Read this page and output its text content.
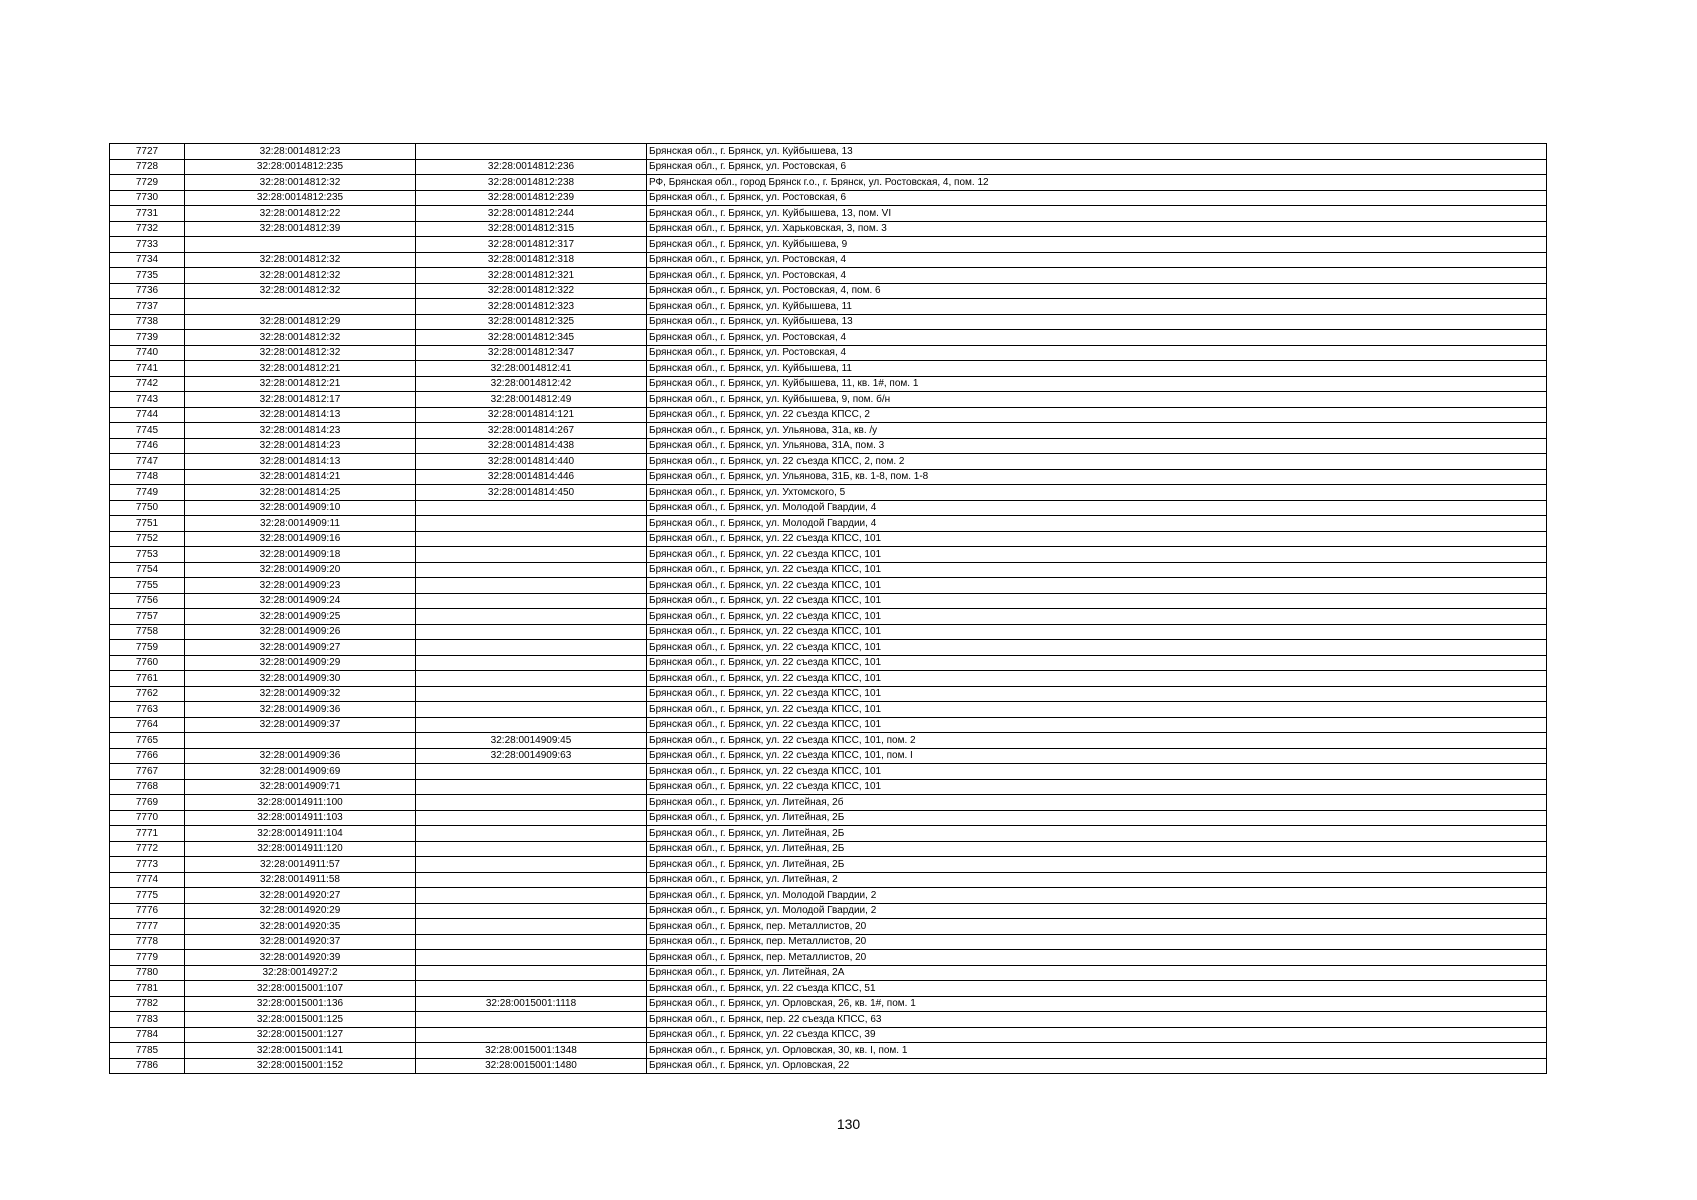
7727	32:28:0014812:23		Брянская обл., г. Брянск, ул. Куйбышева, 13
7728	32:28:0014812:235	32:28:0014812:236	Брянская обл., г. Брянск, ул. Ростовская, 6
7729	32:28:0014812:32	32:28:0014812:238	РФ, Брянская обл., город Брянск г.о., г. Брянск, ул. Ростовская, 4, пом. 12
7730	32:28:0014812:235	32:28:0014812:239	Брянская обл., г. Брянск, ул. Ростовская, 6
7731	32:28:0014812:22	32:28:0014812:244	Брянская обл., г. Брянск, ул. Куйбышева, 13, пом. VI
7732	32:28:0014812:39	32:28:0014812:315	Брянская обл., г. Брянск, ул. Харьковская, 3, пом. 3
7733		32:28:0014812:317	Брянская обл., г. Брянск, ул. Куйбышева, 9
7734	32:28:0014812:32	32:28:0014812:318	Брянская обл., г. Брянск, ул. Ростовская, 4
7735	32:28:0014812:32	32:28:0014812:321	Брянская обл., г. Брянск, ул. Ростовская, 4
7736	32:28:0014812:32	32:28:0014812:322	Брянская обл., г. Брянск, ул. Ростовская, 4, пом. 6
7737		32:28:0014812:323	Брянская обл., г. Брянск, ул. Куйбышева, 11
7738	32:28:0014812:29	32:28:0014812:325	Брянская обл., г. Брянск, ул. Куйбышева, 13
7739	32:28:0014812:32	32:28:0014812:345	Брянская обл., г. Брянск, ул. Ростовская, 4
7740	32:28:0014812:32	32:28:0014812:347	Брянская обл., г. Брянск, ул. Ростовская, 4
7741	32:28:0014812:21	32:28:0014812:41	Брянская обл., г. Брянск, ул. Куйбышева, 11
7742	32:28:0014812:21	32:28:0014812:42	Брянская обл., г. Брянск, ул. Куйбышева, 11, кв. 1#, пом. 1
7743	32:28:0014812:17	32:28:0014812:49	Брянская обл., г. Брянск, ул. Куйбышева, 9, пом. б/н
7744	32:28:0014814:13	32:28:0014814:121	Брянская обл., г. Брянск, ул. 22 съезда КПСС, 2
7745	32:28:0014814:23	32:28:0014814:267	Брянская обл., г. Брянск, ул. Ульянова, 31а, кв. /у
7746	32:28:0014814:23	32:28:0014814:438	Брянская обл., г. Брянск, ул. Ульянова, 31А, пом. 3
7747	32:28:0014814:13	32:28:0014814:440	Брянская обл., г. Брянск, ул. 22 съезда КПСС, 2, пом. 2
7748	32:28:0014814:21	32:28:0014814:446	Брянская обл., г. Брянск, ул. Ульянова, 31Б, кв. 1-8, пом. 1-8
7749	32:28:0014814:25	32:28:0014814:450	Брянская обл., г. Брянск, ул. Ухтомского, 5
7750	32:28:0014909:10		Брянская обл., г. Брянск, ул. Молодой Гвардии, 4
7751	32:28:0014909:11		Брянская обл., г. Брянск, ул. Молодой Гвардии, 4
7752	32:28:0014909:16		Брянская обл., г. Брянск, ул. 22 съезда КПСС, 101
7753	32:28:0014909:18		Брянская обл., г. Брянск, ул. 22 съезда КПСС, 101
7754	32:28:0014909:20		Брянская обл., г. Брянск, ул. 22 съезда КПСС, 101
7755	32:28:0014909:23		Брянская обл., г. Брянск, ул. 22 съезда КПСС, 101
7756	32:28:0014909:24		Брянская обл., г. Брянск, ул. 22 съезда КПСС, 101
7757	32:28:0014909:25		Брянская обл., г. Брянск, ул. 22 съезда КПСС, 101
7758	32:28:0014909:26		Брянская обл., г. Брянск, ул. 22 съезда КПСС, 101
7759	32:28:0014909:27		Брянская обл., г. Брянск, ул. 22 съезда КПСС, 101
7760	32:28:0014909:29		Брянская обл., г. Брянск, ул. 22 съезда КПСС, 101
7761	32:28:0014909:30		Брянская обл., г. Брянск, ул. 22 съезда КПСС, 101
7762	32:28:0014909:32		Брянская обл., г. Брянск, ул. 22 съезда КПСС, 101
7763	32:28:0014909:36		Брянская обл., г. Брянск, ул. 22 съезда КПСС, 101
7764	32:28:0014909:37		Брянская обл., г. Брянск, ул. 22 съезда КПСС, 101
7765		32:28:0014909:45	Брянская обл., г. Брянск, ул. 22 съезда КПСС, 101, пом. 2
7766	32:28:0014909:36	32:28:0014909:63	Брянская обл., г. Брянск, ул. 22 съезда КПСС, 101, пом. I
7767	32:28:0014909:69		Брянская обл., г. Брянск, ул. 22 съезда КПСС, 101
7768	32:28:0014909:71		Брянская обл., г. Брянск, ул. 22 съезда КПСС, 101
7769	32:28:0014911:100		Брянская обл., г. Брянск, ул. Литейная, 2б
7770	32:28:0014911:103		Брянская обл., г. Брянск, ул. Литейная, 2Б
7771	32:28:0014911:104		Брянская обл., г. Брянск, ул. Литейная, 2Б
7772	32:28:0014911:120		Брянская обл., г. Брянск, ул. Литейная, 2Б
7773	32:28:0014911:57		Брянская обл., г. Брянск, ул. Литейная, 2Б
7774	32:28:0014911:58		Брянская обл., г. Брянск, ул. Литейная, 2
7775	32:28:0014920:27		Брянская обл., г. Брянск, ул. Молодой Гвардии, 2
7776	32:28:0014920:29		Брянская обл., г. Брянск, ул. Молодой Гвардии, 2
7777	32:28:0014920:35		Брянская обл., г. Брянск, пер. Металлистов, 20
7778	32:28:0014920:37		Брянская обл., г. Брянск, пер. Металлистов, 20
7779	32:28:0014920:39		Брянская обл., г. Брянск, пер. Металлистов, 20
7780	32:28:0014927:2		Брянская обл., г. Брянск, ул. Литейная, 2А
7781	32:28:0015001:107		Брянская обл., г. Брянск, ул. 22 съезда КПСС, 51
7782	32:28:0015001:136	32:28:0015001:1118	Брянская обл., г. Брянск, ул. Орловская, 26, кв. 1#, пом. 1
7783	32:28:0015001:125		Брянская обл., г. Брянск, пер. 22 съезда КПСС, 63
7784	32:28:0015001:127		Брянская обл., г. Брянск, ул. 22 съезда КПСС, 39
7785	32:28:0015001:141	32:28:0015001:1348	Брянская обл., г. Брянск, ул. Орловская, 30, кв. I, пом. 1
7786	32:28:0015001:152	32:28:0015001:1480	Брянская обл., г. Брянск, ул. Орловская, 22
130
